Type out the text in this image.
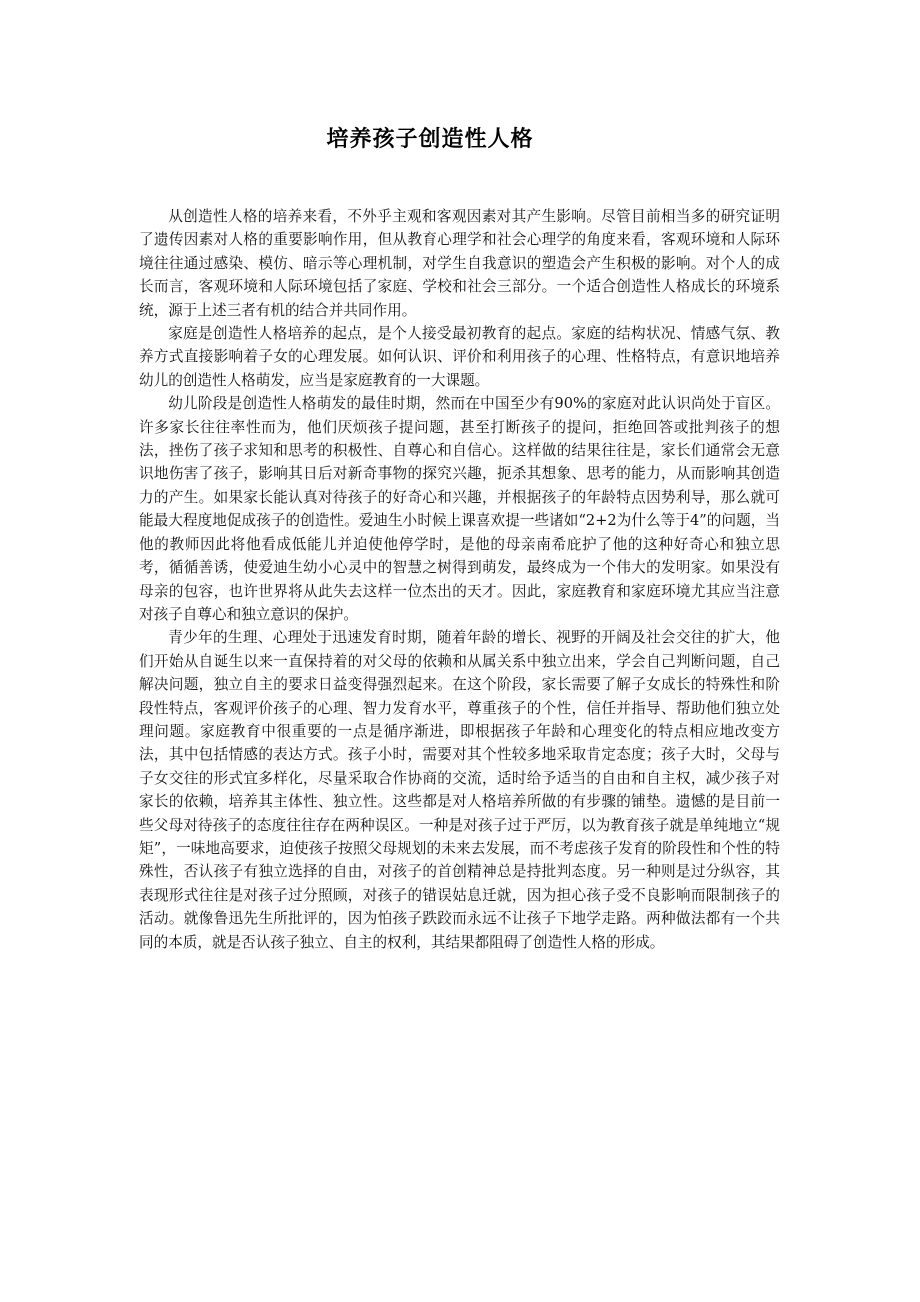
培养孩子创造性人格

从创造性人格的培养来看，不外乎主观和客观因素对其产生影响。尽管目前相当多的研究证明了遗传因素对人格的重要影响作用，但从教育心理学和社会心理学的角度来看，客观环境和人际环境往往通过感染、模仿、暗示等心理机制，对学生自我意识的塑造会产生积极的影响。对个人的成长而言，客观环境和人际环境包括了家庭、学校和社会三部分。一个适合创造性人格成长的环境系统，源于上述三者有机的结合并共同作用。

家庭是创造性人格培养的起点，是个人接受最初教育的起点。家庭的结构状况、情感气氛、教养方式直接影响着子女的心理发展。如何认识、评价和利用孩子的心理、性格特点，有意识地培养幼儿的创造性人格萌发，应当是家庭教育的一大课题。

幼儿阶段是创造性人格萌发的最佳时期，然而在中国至少有90%的家庭对此认识尚处于盲区。许多家长往往率性而为，他们厌烦孩子提问题，甚至打断孩子的提问，拒绝回答或批判孩子的想法，挫伤了孩子求知和思考的积极性、自尊心和自信心。这样做的结果往往是，家长们通常会无意识地伤害了孩子，影响其日后对新奇事物的探究兴趣，扼杀其想象、思考的能力，从而影响其创造力的产生。如果家长能认真对待孩子的好奇心和兴趣，并根据孩子的年龄特点因势利导，那么就可能最大程度地促成孩子的创造性。爱迪生小时候上课喜欢提一些诸如“2+2为什么等于4”的问题，当他的教师因此将他看成低能儿并迫使他停学时，是他的母亲南希庇护了他的这种好奇心和独立思考，循循善诱，使爱迪生幼小心灵中的智慧之树得到萌发，最终成为一个伟大的发明家。如果没有母亲的包容，也许世界将从此失去这样一位杰出的天才。因此，家庭教育和家庭环境尤其应当注意对孩子自尊心和独立意识的保护。

青少年的生理、心理处于迅速发育时期，随着年龄的增长、视野的开阔及社会交往的扩大，他们开始从自诞生以来一直保持着的对父母的依赖和从属关系中独立出来，学会自己判断问题，自己解决问题，独立自主的要求日益变得强烈起来。在这个阶段，家长需要了解子女成长的特殊性和阶段性特点，客观评价孩子的心理、智力发育水平，尊重孩子的个性，信任并指导、帮助他们独立处理问题。家庭教育中很重要的一点是循序渐进，即根据孩子年龄和心理变化的特点相应地改变方法，其中包括情感的表达方式。孩子小时，需要对其个性较多地采取肯定态度；孩子大时，父母与子女交往的形式宜多样化，尽量采取合作协商的交流，适时给予适当的自由和自主权，减少孩子对家长的依赖，培养其主体性、独立性。这些都是对人格培养所做的有步骤的铺垫。遗憾的是目前一些父母对待孩子的态度往往存在两种误区。一种是对孩子过于严厉，以为教育孩子就是单纯地立“规矩”，一味地高要求，迫使孩子按照父母规划的未来去发展，而不考虑孩子发育的阶段性和个性的特殊性，否认孩子有独立选择的自由，对孩子的首创精神总是持批判态度。另一种则是过分纵容，其表现形式往往是对孩子过分照顾，对孩子的错误姑息迁就，因为担心孩子受不良影响而限制孩子的活动。就像鲁迅先生所批评的，因为怕孩子跌跤而永远不让孩子下地学走路。两种做法都有一个共同的本质，就是否认孩子独立、自主的权利，其结果都阻碍了创造性人格的形成。
